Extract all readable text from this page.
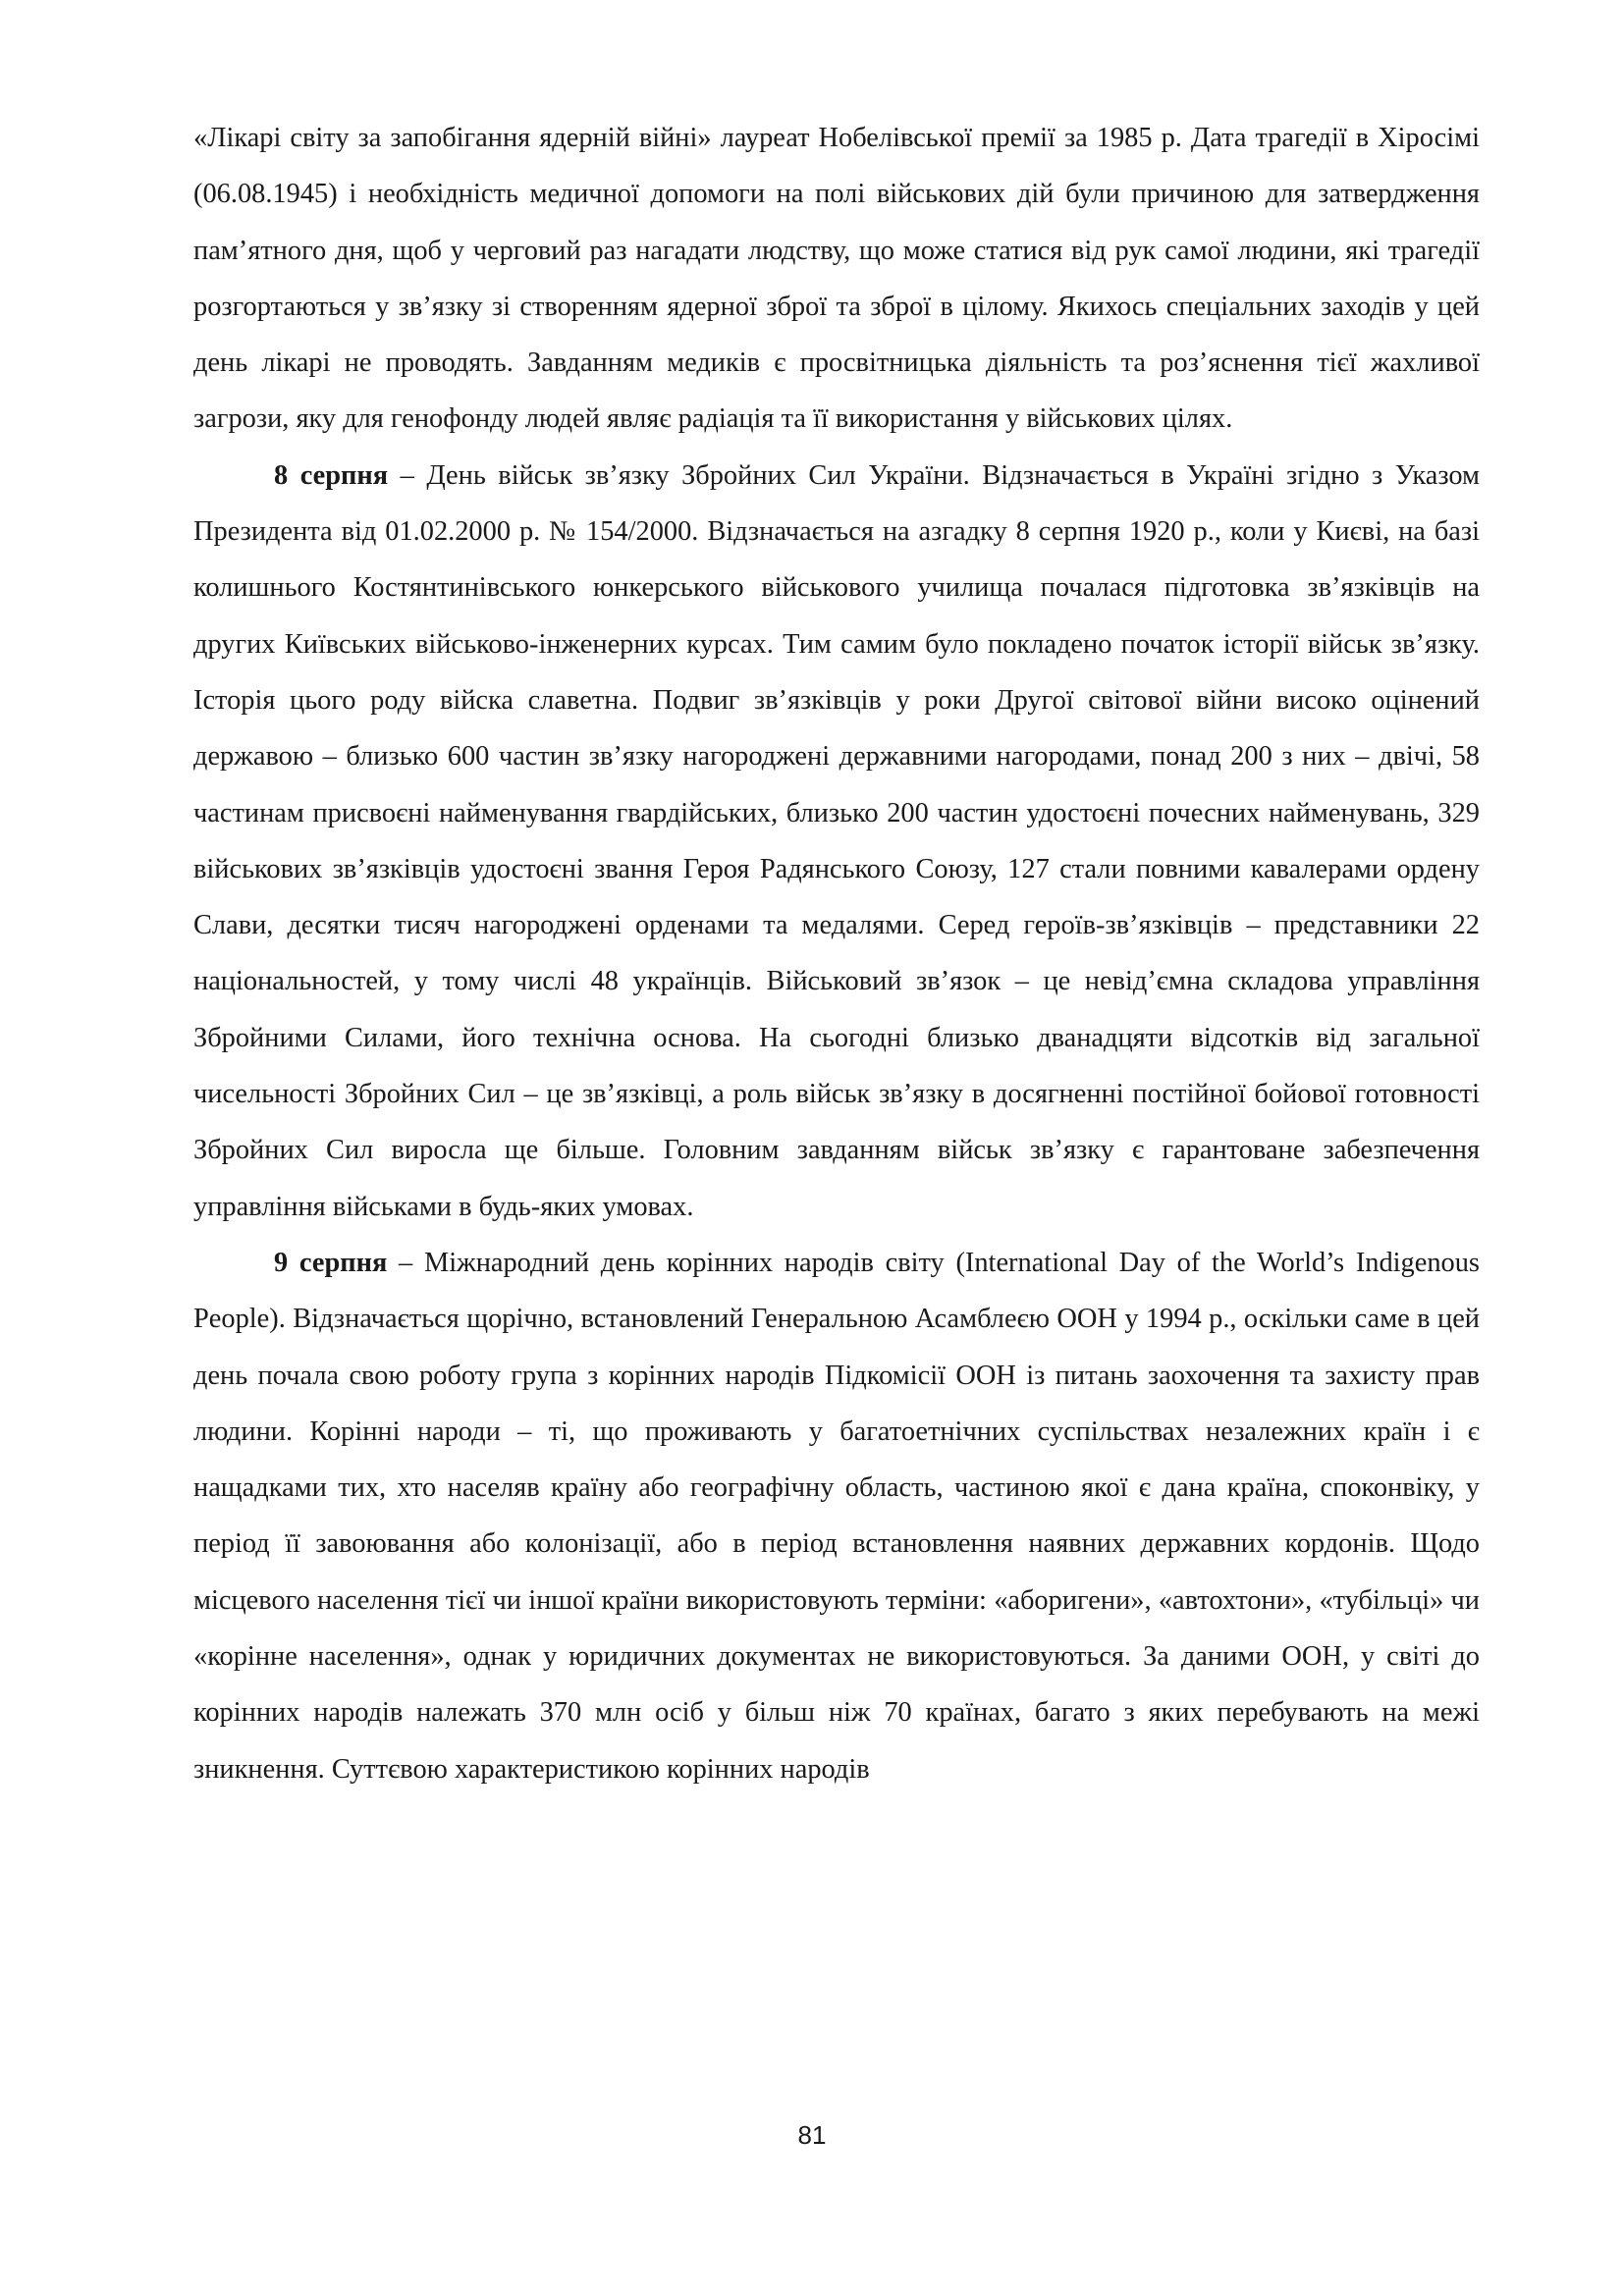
«Лікарі світу за запобігання ядерній війні» лауреат Нобелівської премії за 1985 р. Дата трагедії в Хіросімі (06.08.1945) і необхідність медичної допомоги на полі військових дій були причиною для затвердження пам’ятного дня, щоб у черговий раз нагадати людству, що може статися від рук самої людини, які трагедії розгортаються у зв’язку зі створенням ядерної зброї та зброї в цілому. Якихось спеціальних заходів у цей день лікарі не проводять. Завданням медиків є просвітницька діяльність та роз’яснення тієї жахливої загрози, яку для генофонду людей являє радіація та її використання у військових цілях.

8 серпня – День військ зв’язку Збройних Сил України. Відзначається в Україні згідно з Указом Президента від 01.02.2000 р. № 154/2000. Відзначається на азгадку 8 серпня 1920 р., коли у Києві, на базі колишнього Костянтинівського юнкерського військового училища почалася підготовка зв’язківців на других Київських військово-інженерних курсах. Тим самим було покладено початок історії військ зв’язку. Історія цього роду війска славетна. Подвиг зв’язківців у роки Другої світової війни високо оцінений державою – близько 600 частин зв’язку нагороджені державними нагородами, понад 200 з них – двічі, 58 частинам присвоєні найменування гвардійських, близько 200 частин удостоєні почесних найменувань, 329 військових зв’язківців удостоєні звання Героя Радянського Союзу, 127 стали повними кавалерами ордену Слави, десятки тисяч нагороджені орденами та медалями. Серед героїв-зв’язківців – представники 22 національностей, у тому числі 48 українців. Військовий зв’язок – це невід’ємна складова управління Збройними Силами, його технічна основа. На сьогодні близько дванадцяти відсотків від загальної чисельності Збройних Сил – це зв’язківці, а роль військ зв’язку в досягненні постійної бойової готовності Збройних Сил виросла ще більше. Головним завданням військ зв’язку є гарантоване забезпечення управління військами в будь-яких умовах.

9 серпня – Міжнародний день корінних народів світу (International Day of the World’s Indigenous People). Відзначається щорічно, встановлений Генеральною Асамблеєю ООН у 1994 р., оскільки саме в цей день почала свою роботу група з корінних народів Підкомісії ООН із питань заохочення та захисту прав людини. Корінні народи – ті, що проживають у багатоетнічних суспільствах незалежних країн і є нащадками тих, хто населяв країну або географічну область, частиною якої є дана країна, споконвіку, у період її завоювання або колонізації, або в період встановлення наявних державних кордонів. Щодо місцевого населення тієї чи іншої країни використовують терміни: «аборигени», «автохтони», «тубільці» чи «корінне населення», однак у юридичних документах не використовуються. За даними ООН, у світі до корінних народів належать 370 млн осіб у більш ніж 70 країнах, багато з яких перебувають на межі зникнення. Суттєвою характеристикою корінних народів

81
